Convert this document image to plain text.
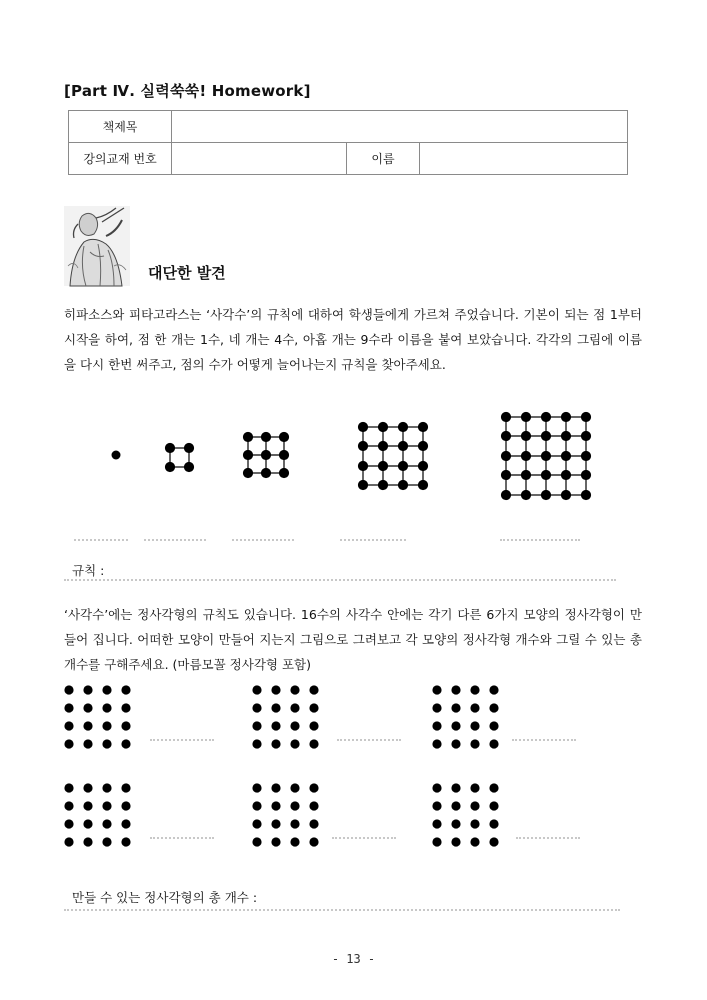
[Part Ⅳ. 실력쑥쑥! Homework]
책제목			
강의교재 번호		이름	
대단한 발견
히파소스와 피타고라스는 ‘사각수’의 규칙에 대하여 학생들에게 가르쳐 주었습니다. 기본이 되는 점 1부터 시작을 하여, 점 한 개는 1수, 네 개는 4수, 아홉 개는 9수라 이름을 붙여 보았습니다. 각각의 그림에 이름을 다시 한번 써주고, 점의 수가 어떻게 늘어나는지 규칙을 찾아주세요.
규칙 :
‘사각수’에는 정사각형의 규칙도 있습니다. 16수의 사각수 안에는 각기 다른 6가지 모양의 정사각형이 만들어 집니다. 어떠한 모양이 만들어 지는지 그림으로 그려보고 각 모양의 정사각형 개수와 그릴 수 있는 총 개수를 구해주세요. (마름모꼴 정사각형 포함)
만들 수 있는 정사각형의 총 개수 :
- 13 -
